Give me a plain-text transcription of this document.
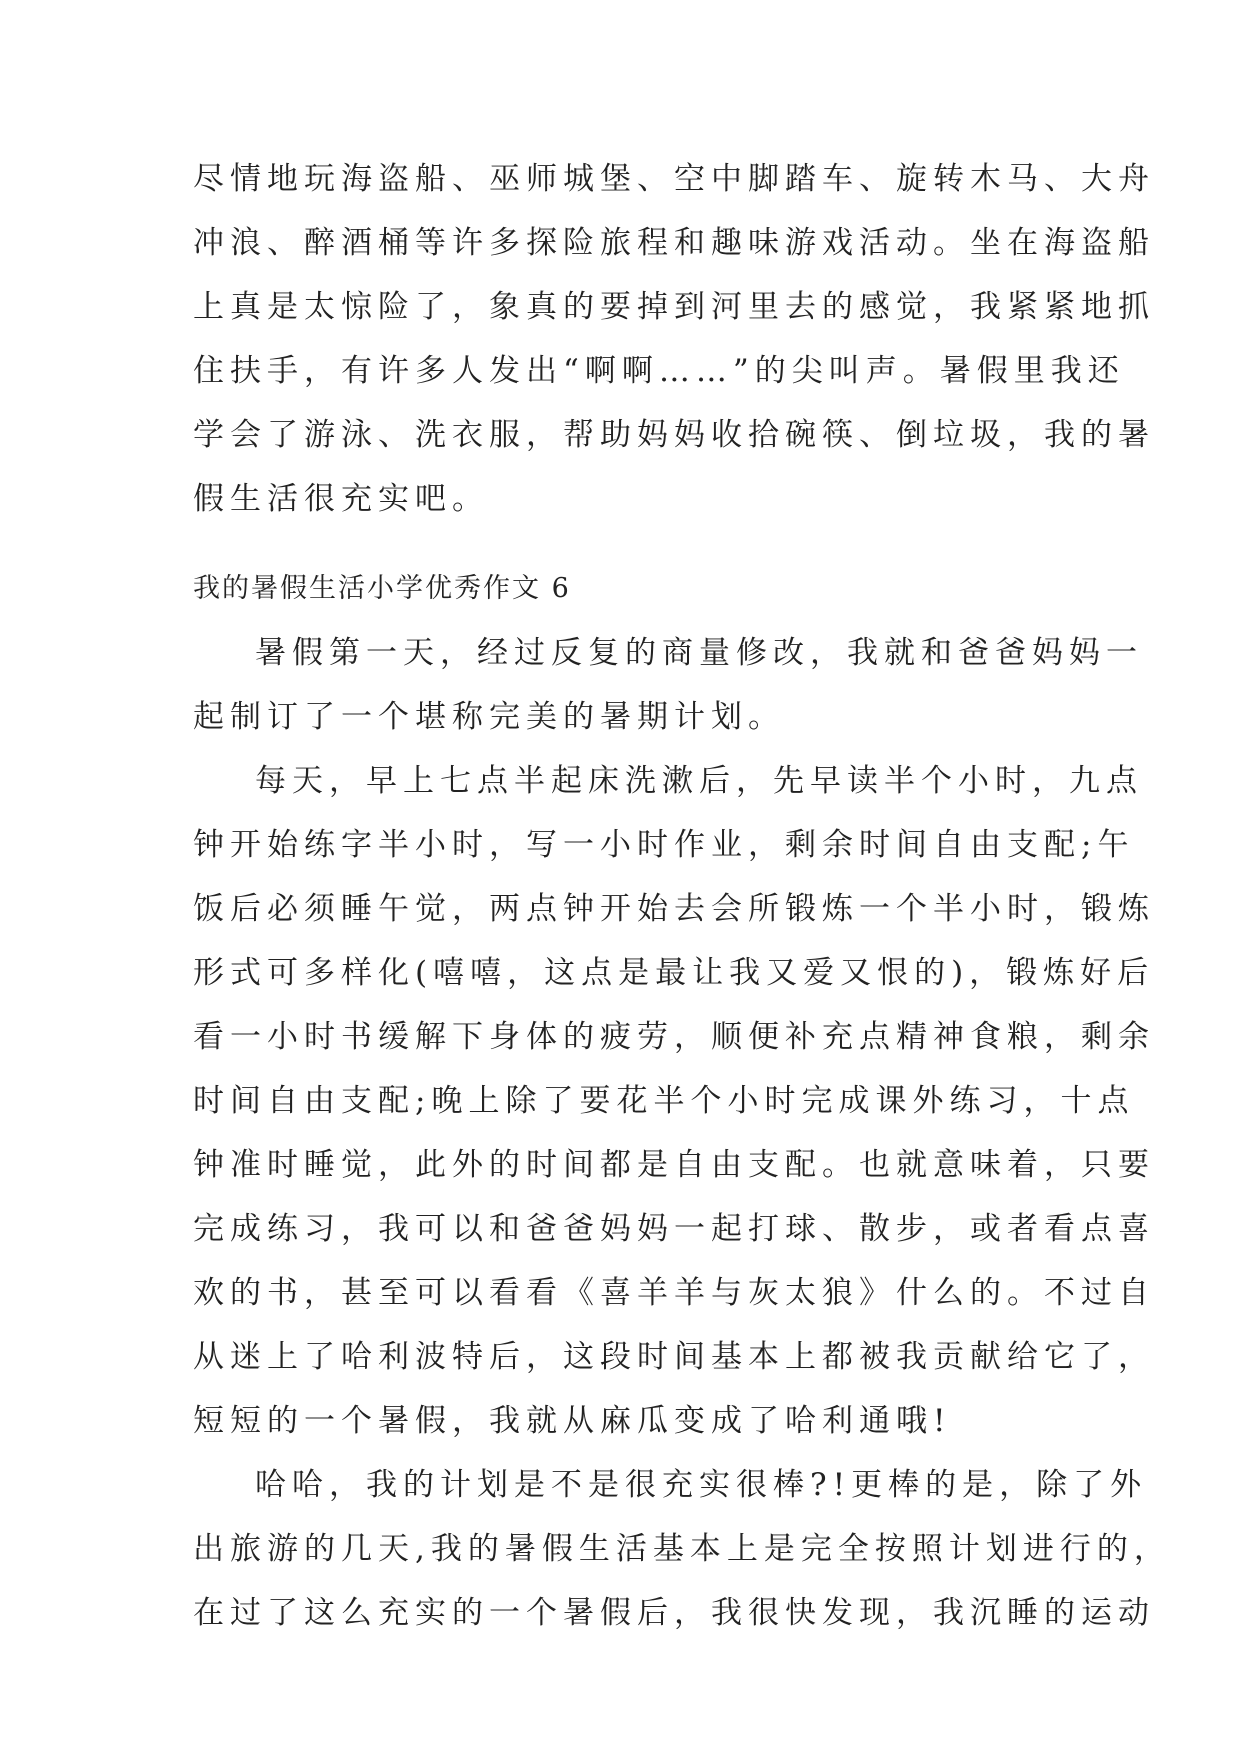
尽情地玩海盗船、巫师城堡、空中脚踏车、旋转木马、大舟
冲浪、醉酒桶等许多探险旅程和趣味游戏活动。坐在海盗船
上真是太惊险了，象真的要掉到河里去的感觉，我紧紧地抓
住扶手，有许多人发出“啊啊……”的尖叫声。暑假里我还
学会了游泳、洗衣服，帮助妈妈收拾碗筷、倒垃圾，我的暑
假生活很充实吧。
我的暑假生活小学优秀作文 6
暑假第一天，经过反复的商量修改，我就和爸爸妈妈一
起制订了一个堪称完美的暑期计划。
每天，早上七点半起床洗漱后，先早读半个小时，九点
钟开始练字半小时，写一小时作业，剩余时间自由支配;午
饭后必须睡午觉，两点钟开始去会所锻炼一个半小时，锻炼
形式可多样化(嘻嘻，这点是最让我又爱又恨的)，锻炼好后
看一小时书缓解下身体的疲劳，顺便补充点精神食粮，剩余
时间自由支配;晚上除了要花半个小时完成课外练习，十点
钟准时睡觉，此外的时间都是自由支配。也就意味着，只要
完成练习，我可以和爸爸妈妈一起打球、散步，或者看点喜
欢的书，甚至可以看看《喜羊羊与灰太狼》什么的。不过自
从迷上了哈利波特后，这段时间基本上都被我贡献给它了，
短短的一个暑假，我就从麻瓜变成了哈利通哦!
哈哈，我的计划是不是很充实很棒?!更棒的是，除了外
出旅游的几天,我的暑假生活基本上是完全按照计划进行的，
在过了这么充实的一个暑假后，我很快发现，我沉睡的运动
